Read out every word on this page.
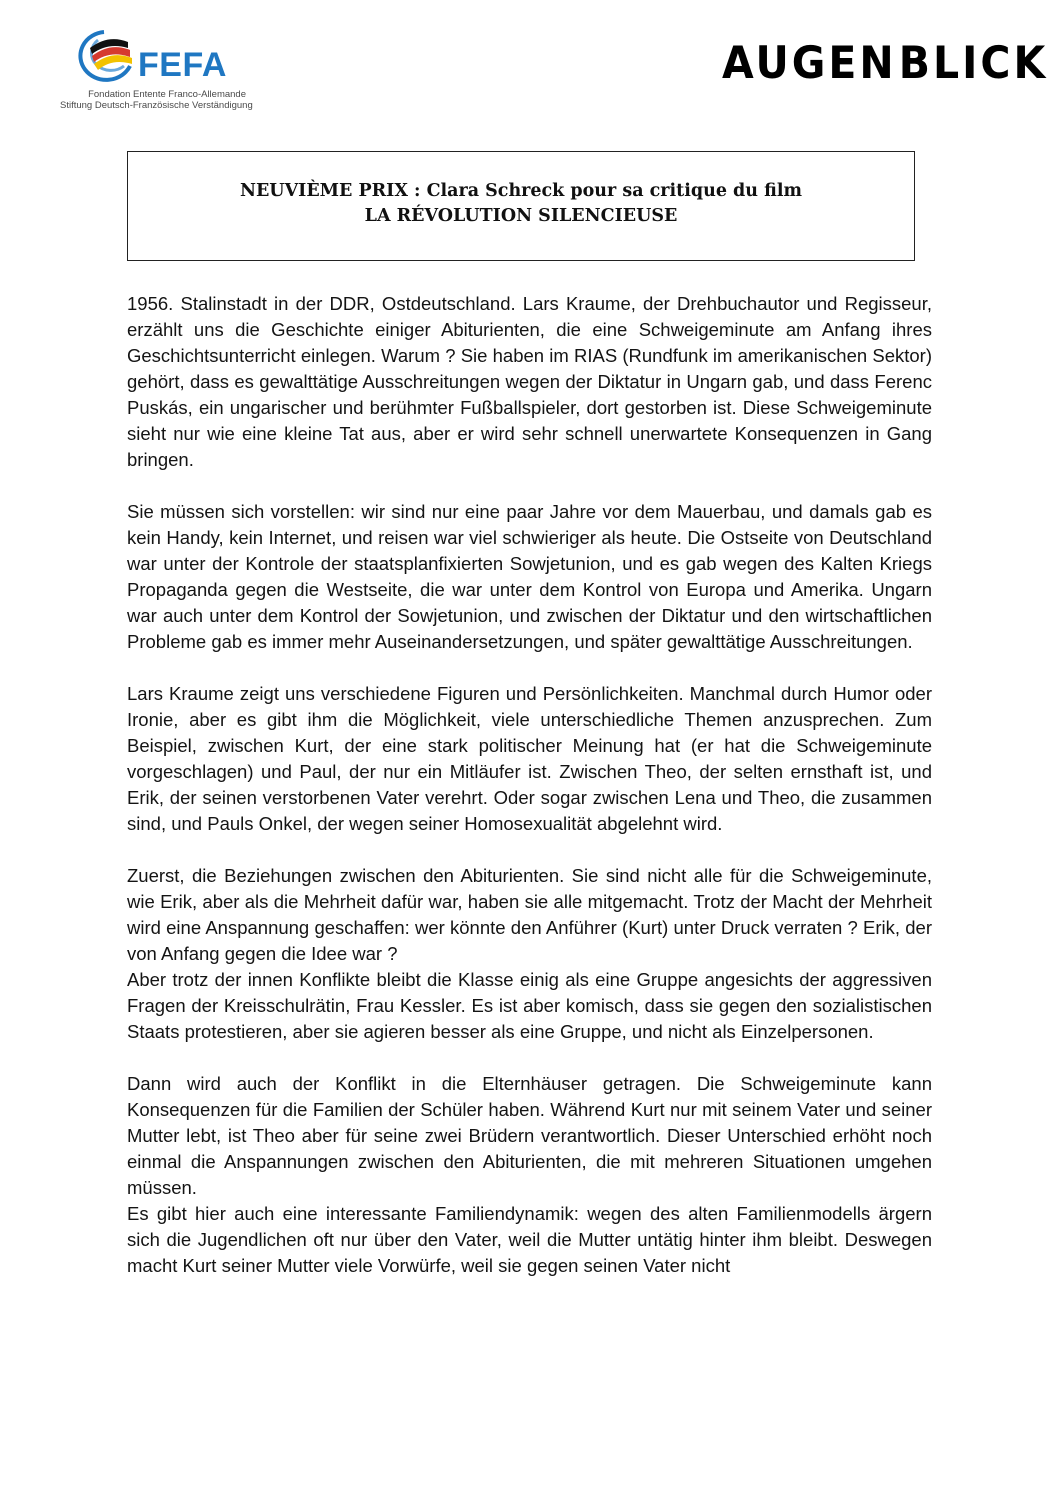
FEFA
Fondation Entente Franco-Allemande
Stiftung Deutsch-Französische Verständigung
AUGEN BLICK
NEUVIÈME PRIX : Clara Schreck pour sa critique du film
LA RÉVOLUTION SILENCIEUSE

1956. Stalinstadt in der DDR, Ostdeutschland. Lars Kraume, der Drehbuchautor und Regisseur, erzählt uns die Geschichte einiger Abiturienten, die eine Schweigeminute am Anfang ihres Geschichtsunterricht einlegen. Warum ? Sie haben im RIAS (Rundfunk im amerikanischen Sektor) gehört, dass es gewalttätige Ausschreitungen wegen der Diktatur in Ungarn gab, und dass Ferenc Puskás, ein ungarischer und berühmter Fußballspieler, dort gestorben ist. Diese Schweigeminute sieht nur wie eine kleine Tat aus, aber er wird sehr schnell unerwartete Konsequenzen in Gang bringen.

Sie müssen sich vorstellen: wir sind nur eine paar Jahre vor dem Mauerbau, und damals gab es kein Handy, kein Internet, und reisen war viel schwieriger als heute. Die Ostseite von Deutschland war unter der Kontrole der staatsplanfixierten Sowjetunion, und es gab wegen des Kalten Kriegs Propaganda gegen die Westseite, die war unter dem Kontrol von Europa und Amerika. Ungarn war auch unter dem Kontrol der Sowjetunion, und zwischen der Diktatur und den wirtschaftlichen Probleme gab es immer mehr Auseinandersetzungen, und später gewalttätige Ausschreitungen.

Lars Kraume zeigt uns verschiedene Figuren und Persönlichkeiten. Manchmal durch Humor oder Ironie, aber es gibt ihm die Möglichkeit, viele unterschiedliche Themen anzusprechen. Zum Beispiel, zwischen Kurt, der eine stark politischer Meinung hat (er hat die Schweigeminute vorgeschlagen) und Paul, der nur ein Mitläufer ist. Zwischen Theo, der selten ernsthaft ist, und Erik, der seinen verstorbenen Vater verehrt. Oder sogar zwischen Lena und Theo, die zusammen sind, und Pauls Onkel, der wegen seiner Homosexualität abgelehnt wird.

Zuerst, die Beziehungen zwischen den Abiturienten. Sie sind nicht alle für die Schweigeminute, wie Erik, aber als die Mehrheit dafür war, haben sie alle mitgemacht. Trotz der Macht der Mehrheit wird eine Anspannung geschaffen: wer könnte den Anführer (Kurt) unter Druck verraten ? Erik, der von Anfang gegen die Idee war ?

Aber trotz der innen Konflikte bleibt die Klasse einig als eine Gruppe angesichts der aggressiven Fragen der Kreisschulrätin, Frau Kessler. Es ist aber komisch, dass sie gegen den sozialistischen Staats protestieren, aber sie agieren besser als eine Gruppe, und nicht als Einzelpersonen.

Dann wird auch der Konflikt in die Elternhäuser getragen. Die Schweigeminute kann Konsequenzen für die Familien der Schüler haben. Während Kurt nur mit seinem Vater und seiner Mutter lebt, ist Theo aber für seine zwei Brüdern verantwortlich. Dieser Unterschied erhöht noch einmal die Anspannungen zwischen den Abiturienten, die mit mehreren Situationen umgehen müssen.

Es gibt hier auch eine interessante Familiendynamik: wegen des alten Familienmodells ärgern sich die Jugendlichen oft nur über den Vater, weil die Mutter untätig hinter ihm bleibt. Deswegen macht Kurt seiner Mutter viele Vorwürfe, weil sie gegen seinen Vater nicht
